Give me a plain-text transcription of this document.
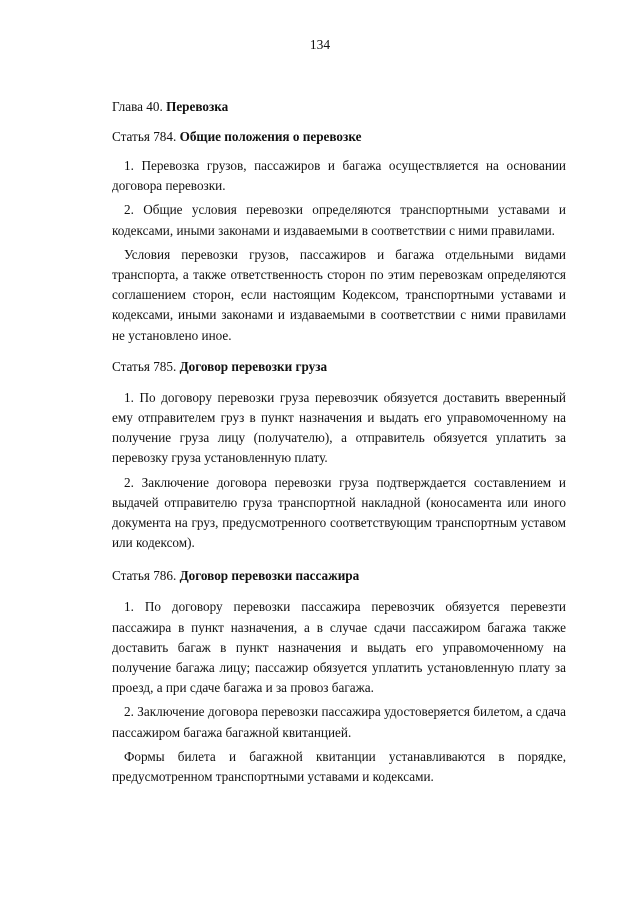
134
Глава 40. Перевозка
Статья 784. Общие положения о перевозке

1. Перевозка грузов, пассажиров и багажа осуществляется на основании договора перевозки.

2. Общие условия перевозки определяются транспортными уставами и кодексами, иными законами и издаваемыми в соответствии с ними правилами.

Условия перевозки грузов, пассажиров и багажа отдельными видами транспорта, а также ответственность сторон по этим перевозкам определяются соглашением сторон, если настоящим Кодексом, транспортными уставами и кодексами, иными законами и издаваемыми в соответствии с ними правилами не установлено иное.

Статья 785. Договор перевозки груза

1. По договору перевозки груза перевозчик обязуется доставить вверенный ему отправителем груз в пункт назначения и выдать его управомоченному на получение груза лицу (получателю), а отправитель обязуется уплатить за перевозку груза установленную плату.

2. Заключение договора перевозки груза подтверждается составлением и выдачей отправителю груза транспортной накладной (коносамента или иного документа на груз, предусмотренного соответствующим транспортным уставом или кодексом).

Статья 786. Договор перевозки пассажира

1. По договору перевозки пассажира перевозчик обязуется перевезти пассажира в пункт назначения, а в случае сдачи пассажиром багажа также доставить багаж в пункт назначения и выдать его управомоченному на получение багажа лицу; пассажир обязуется уплатить установленную плату за проезд, а при сдаче багажа и за провоз багажа.

2. Заключение договора перевозки пассажира удостоверяется билетом, а сдача пассажиром багажа багажной квитанцией.

Формы билета и багажной квитанции устанавливаются в порядке, предусмотренном транспортными уставами и кодексами.
